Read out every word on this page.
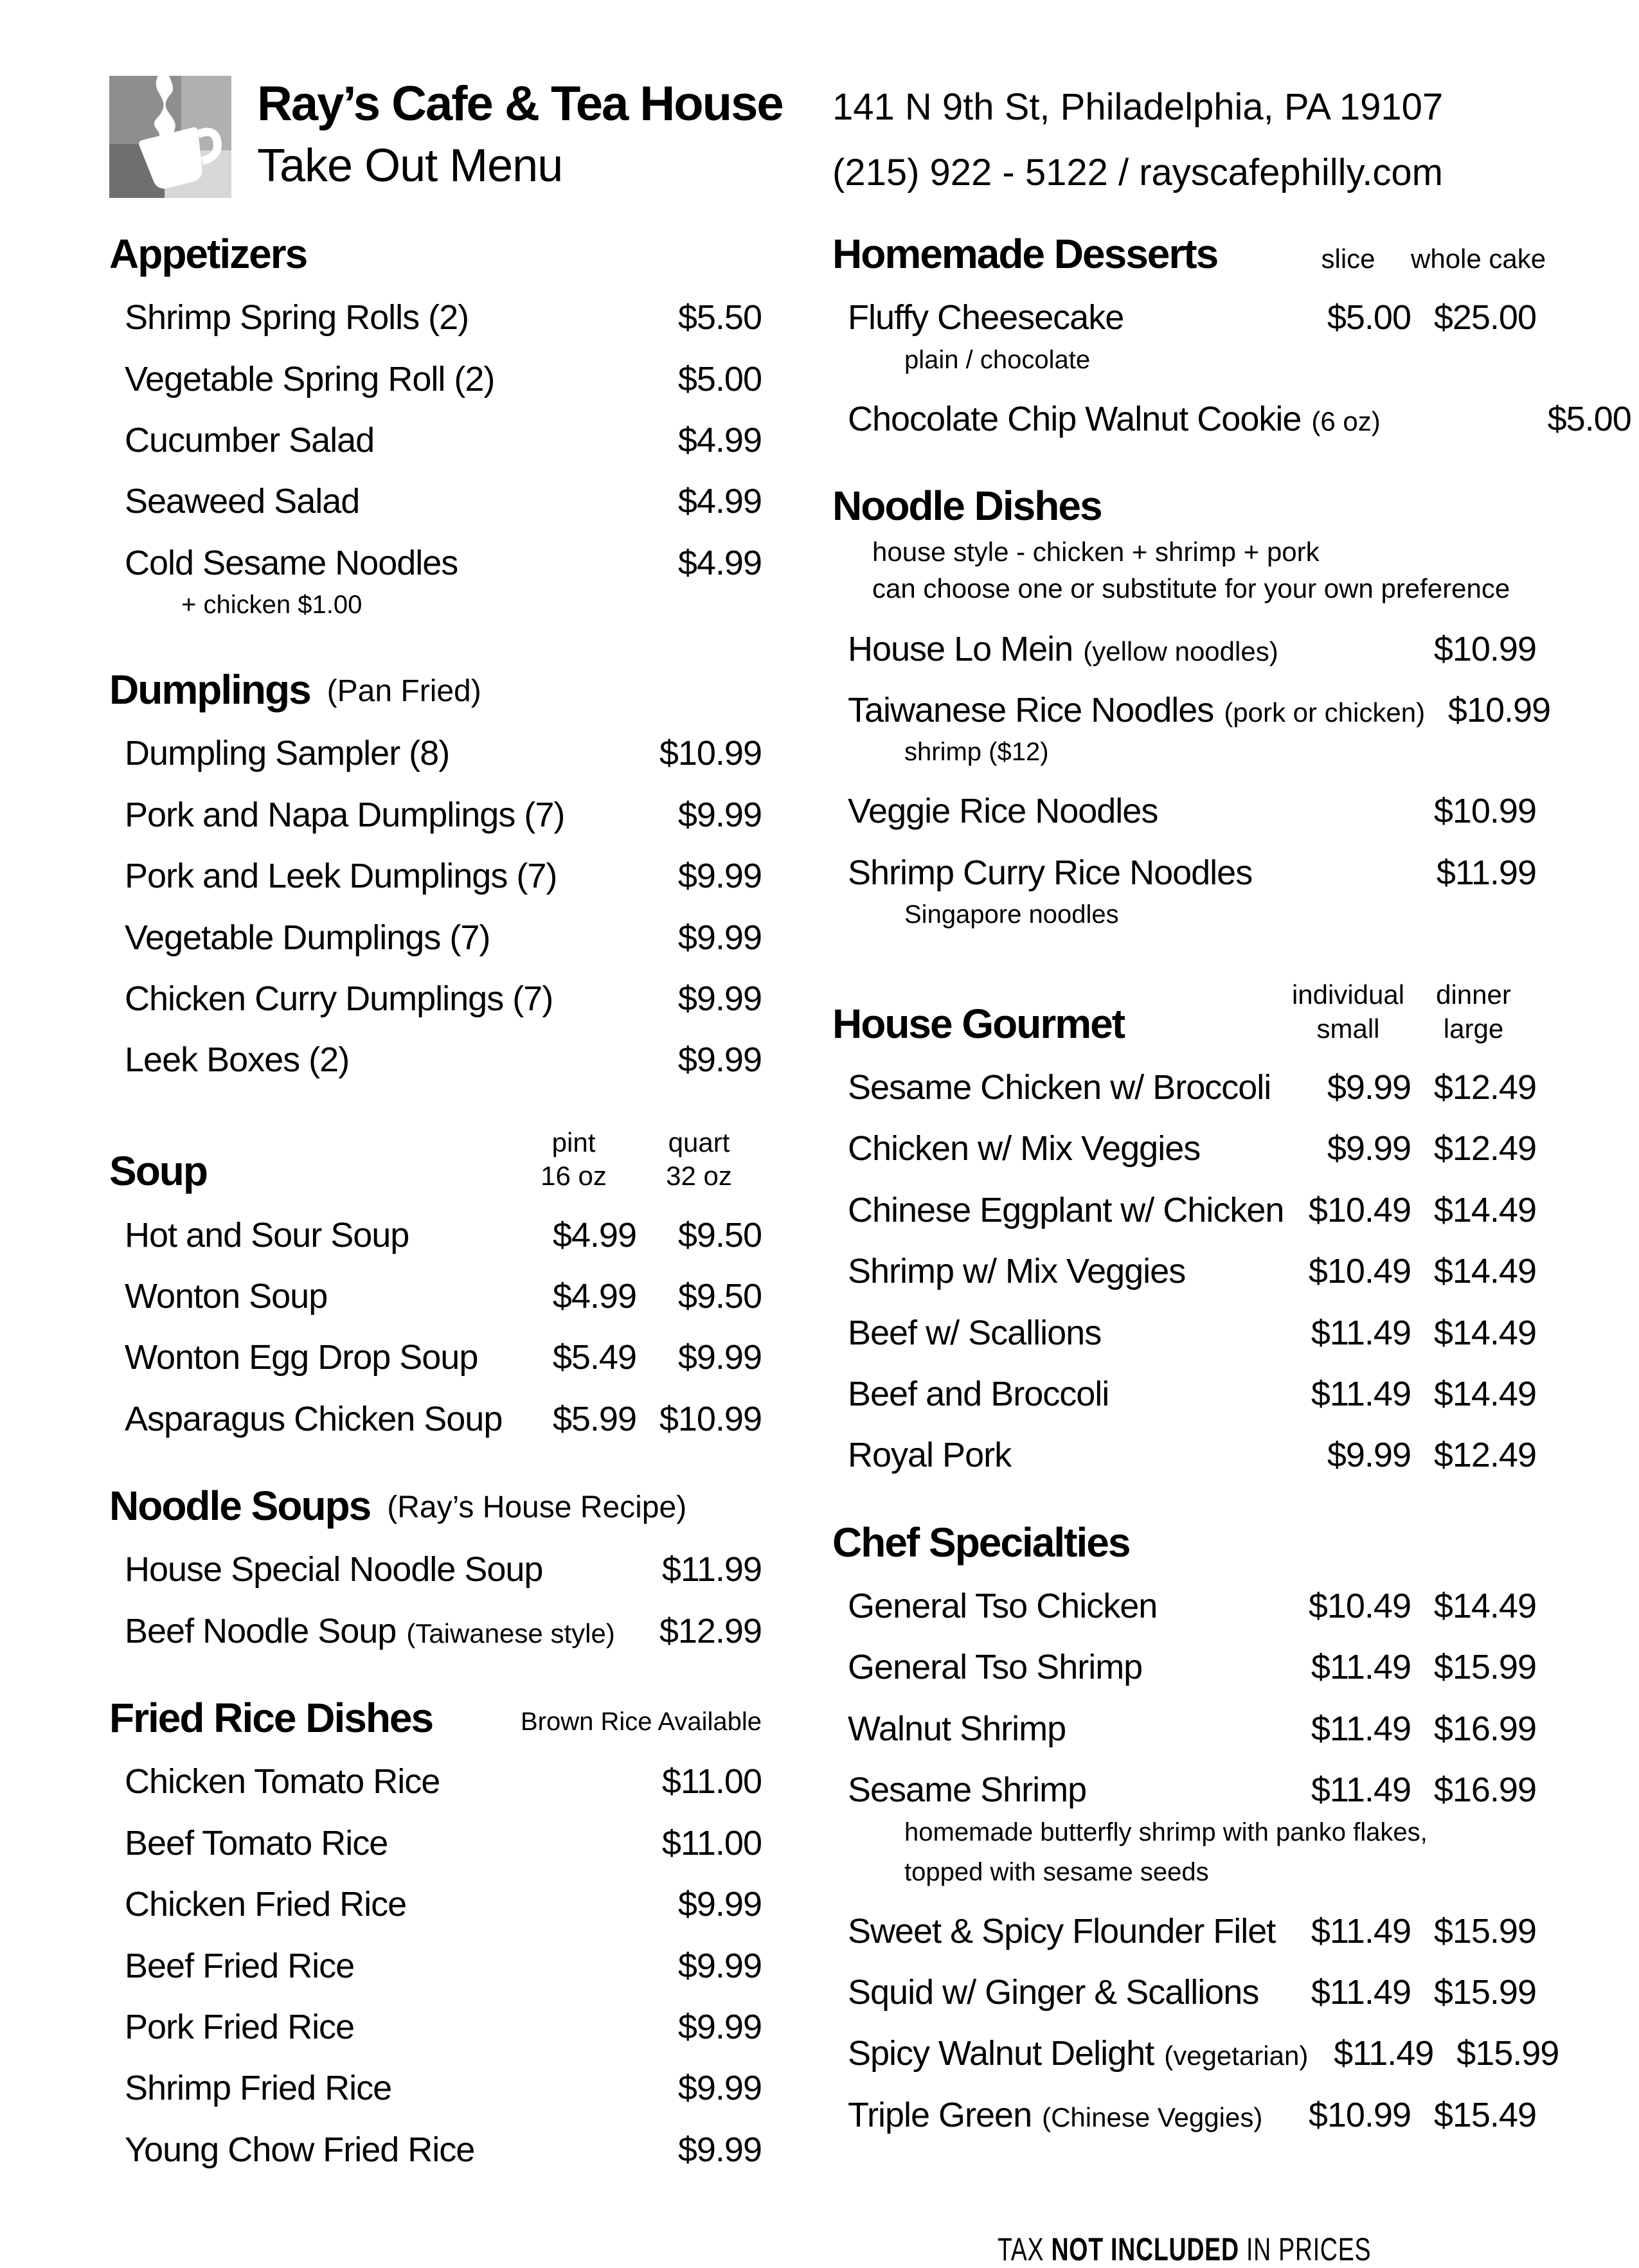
Ray’s Cafe & Tea House
Take Out Menu
141 N 9th St, Philadelphia, PA 19107
(215) 922 - 5122 / rayscafephilly.com
Appetizers
Shrimp Spring Rolls (2)	$5.50
Vegetable Spring Roll (2)	$5.00
Cucumber Salad	$4.99
Seaweed Salad	$4.99
Cold Sesame Noodles	$4.99
+ chicken $1.00
Dumplings (Pan Fried)
Dumpling Sampler (8)	$10.99
Pork and Napa Dumplings (7)	$9.99
Pork and Leek Dumplings (7)	$9.99
Vegetable Dumplings (7)	$9.99
Chicken Curry Dumplings (7)	$9.99
Leek Boxes (2)	$9.99
Soup
pint
16 oz
quart
32 oz
Hot and Sour Soup	$4.99	$9.50
Wonton Soup	$4.99	$9.50
Wonton Egg Drop Soup	$5.49	$9.99
Asparagus Chicken Soup	$5.99 $10.99
Noodle Soups (Ray’s House Recipe)
House Special Noodle Soup	$11.99
Beef Noodle Soup (Taiwanese style)	$12.99
Fried Rice Dishes	Brown Rice Available
Chicken Tomato Rice	$11.00
Beef Tomato Rice	$11.00
Chicken Fried Rice	$9.99
Beef Fried Rice	$9.99
Pork Fried Rice	$9.99
Shrimp Fried Rice	$9.99
Young Chow Fried Rice	$9.99
Homemade Desserts	slice	whole cake
Fluffy Cheesecake	$5.00 $25.00
plain / chocolate
Chocolate Chip Walnut Cookie (6 oz)	$5.00
Noodle Dishes
house style - chicken + shrimp + pork
can choose one or substitute for your own preference
House Lo Mein (yellow noodles)	$10.99
Taiwanese Rice Noodles (pork or chicken) $10.99
shrimp ($12)
Veggie Rice Noodles	$10.99
Shrimp Curry Rice Noodles	$11.99
Singapore noodles
House Gourmet
individual
small
dinner
large
Sesame Chicken w/ Broccoli	$9.99 $12.49
Chicken w/ Mix Veggies	$9.99 $12.49
Chinese Eggplant w/ Chicken $10.49 $14.49
Shrimp w/ Mix Veggies	$10.49 $14.49
Beef w/ Scallions	$11.49 $14.49
Beef and Broccoli	$11.49 $14.49
Royal Pork	$9.99 $12.49
Chef Specialties
General Tso Chicken	$10.49 $14.49
General Tso Shrimp	$11.49 $15.99
Walnut Shrimp	$11.49 $16.99
Sesame Shrimp	$11.49 $16.99
homemade butterfly shrimp with panko flakes,
topped with sesame seeds
Sweet & Spicy Flounder Filet	$11.49 $15.99
Squid w/ Ginger & Scallions	$11.49 $15.99
Spicy Walnut Delight (vegetarian) $11.49 $15.99
Triple Green (Chinese Veggies)	$10.99 $15.49
TAX NOT INCLUDED IN PRICES
